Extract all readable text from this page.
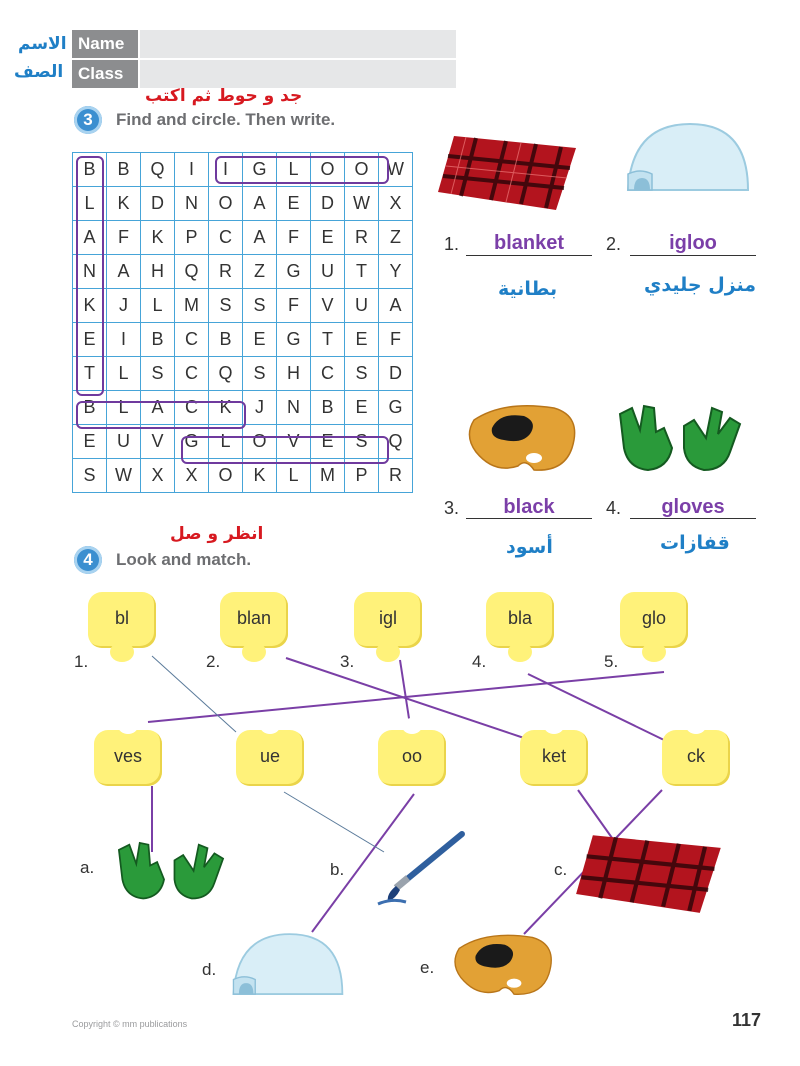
الاسم
الصف
Name
Class
جد و حوط ثم اكتب
3	Find and circle. Then write.
B	B	Q	I	I	G	L	O	O	W
L	K	D	N	O	A	E	D	W	X
A	F	K	P	C	A	F	E	R	Z
N	A	H	Q	R	Z	G	U	T	Y
K	J	L	M	S	S	F	V	U	A
E	I	B	C	B	E	G	T	E	F
T	L	S	C	Q	S	H	C	S	D
B	L	A	C	K	J	N	B	E	G
E	U	V	G	L	O	V	E	S	Q
S	W	X	X	O	K	L	M	P	R
1.	blanket
بطانية
2.	igloo
منزل جليدي
3.	black
أسود
4.	gloves
قفازات
انظر و صل
4	Look and match.
1.
bl
2.
blan
3.
igl
4.
bla
5.
glo
ves	ue	oo	ket	ck
a.	b.	c.
d.	e.
Copyright © mm publications	117
